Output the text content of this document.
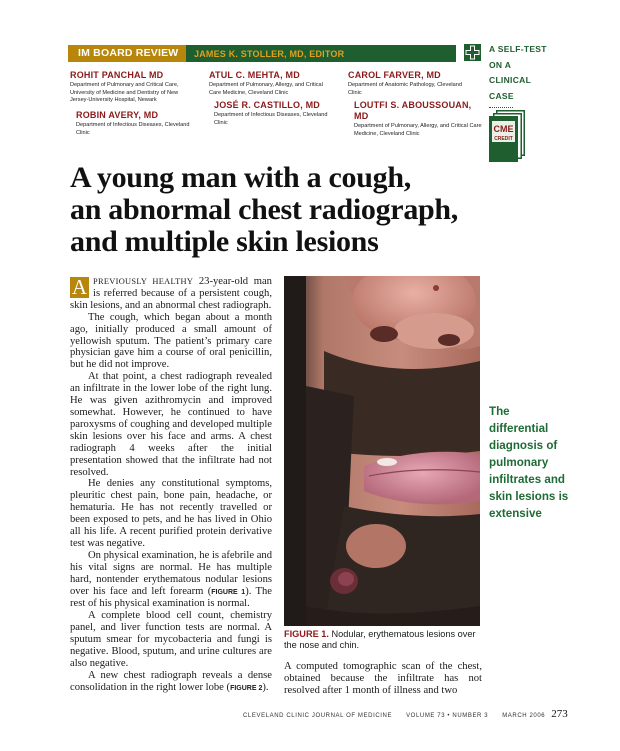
IM BOARD REVIEW	JAMES K. STOLLER, MD, EDITOR	A SELF-TEST
ON A
CLINICAL
CASE
CME
CREDIT
ROHIT PANCHAL MD
Department of Pulmonary and Critical Care, University of Medicine and Dentistry of New Jersey-University Hospital, Newark
ROBIN AVERY, MD
Department of Infectious Diseases, Cleveland Clinic
ATUL C. MEHTA, MD
Department of Pulmonary, Allergy, and Critical Care Medicine, Cleveland Clinic
JOSÉ R. CASTILLO, MD
Department of Infectious Diseases, Cleveland Clinic
CAROL FARVER, MD
Department of Anatomic Pathology, Cleveland Clinic
LOUTFI S. ABOUSSOUAN, MD
Department of Pulmonary, Allergy, and Critical Care Medicine, Cleveland Clinic
A young man with a cough,
an abnormal chest radiograph,
and multiple skin lesions

A PREVIOUSLY HEALTHY 23-year-old man is referred because of a persistent cough, skin lesions, and an abnormal chest radiograph.

The cough, which began about a month ago, initially produced a small amount of yellowish sputum. The patient’s primary care physician gave him a course of oral penicillin, but he did not improve.

At that point, a chest radiograph revealed an infiltrate in the lower lobe of the right lung. He was given azithromycin and improved somewhat. However, he continued to have paroxysms of coughing and developed multiple skin lesions over his face and arms. A chest radiograph 4 weeks after the initial presentation showed that the infiltrate had not resolved.

He denies any constitutional symptoms, pleuritic chest pain, bone pain, headache, or hematuria. He has not recently travelled or been exposed to pets, and he has lived in Ohio all his life. A recent purified protein derivative test was negative.

On physical examination, he is afebrile and his vital signs are normal. He has multiple hard, nontender erythematous nodular lesions over his face and left forearm (FIGURE 1). The rest of his physical examination is normal.

A complete blood cell count, chemistry panel, and liver function tests are normal. A sputum smear for mycobacteria and fungi is negative. Blood, sputum, and urine cultures are also negative.

A new chest radiograph reveals a dense consolidation in the right lower lobe (FIGURE 2).

FIGURE 1. Nodular, erythematous lesions over the nose and chin.

A computed tomographic scan of the chest, obtained because the infiltrate has not resolved after 1 month of illness and two

The differential diagnosis of pulmonary infiltrates and skin lesions is extensive
CLEVELAND CLINIC JOURNAL OF MEDICINE VOLUME 73 • NUMBER 3 MARCH 2006 273
